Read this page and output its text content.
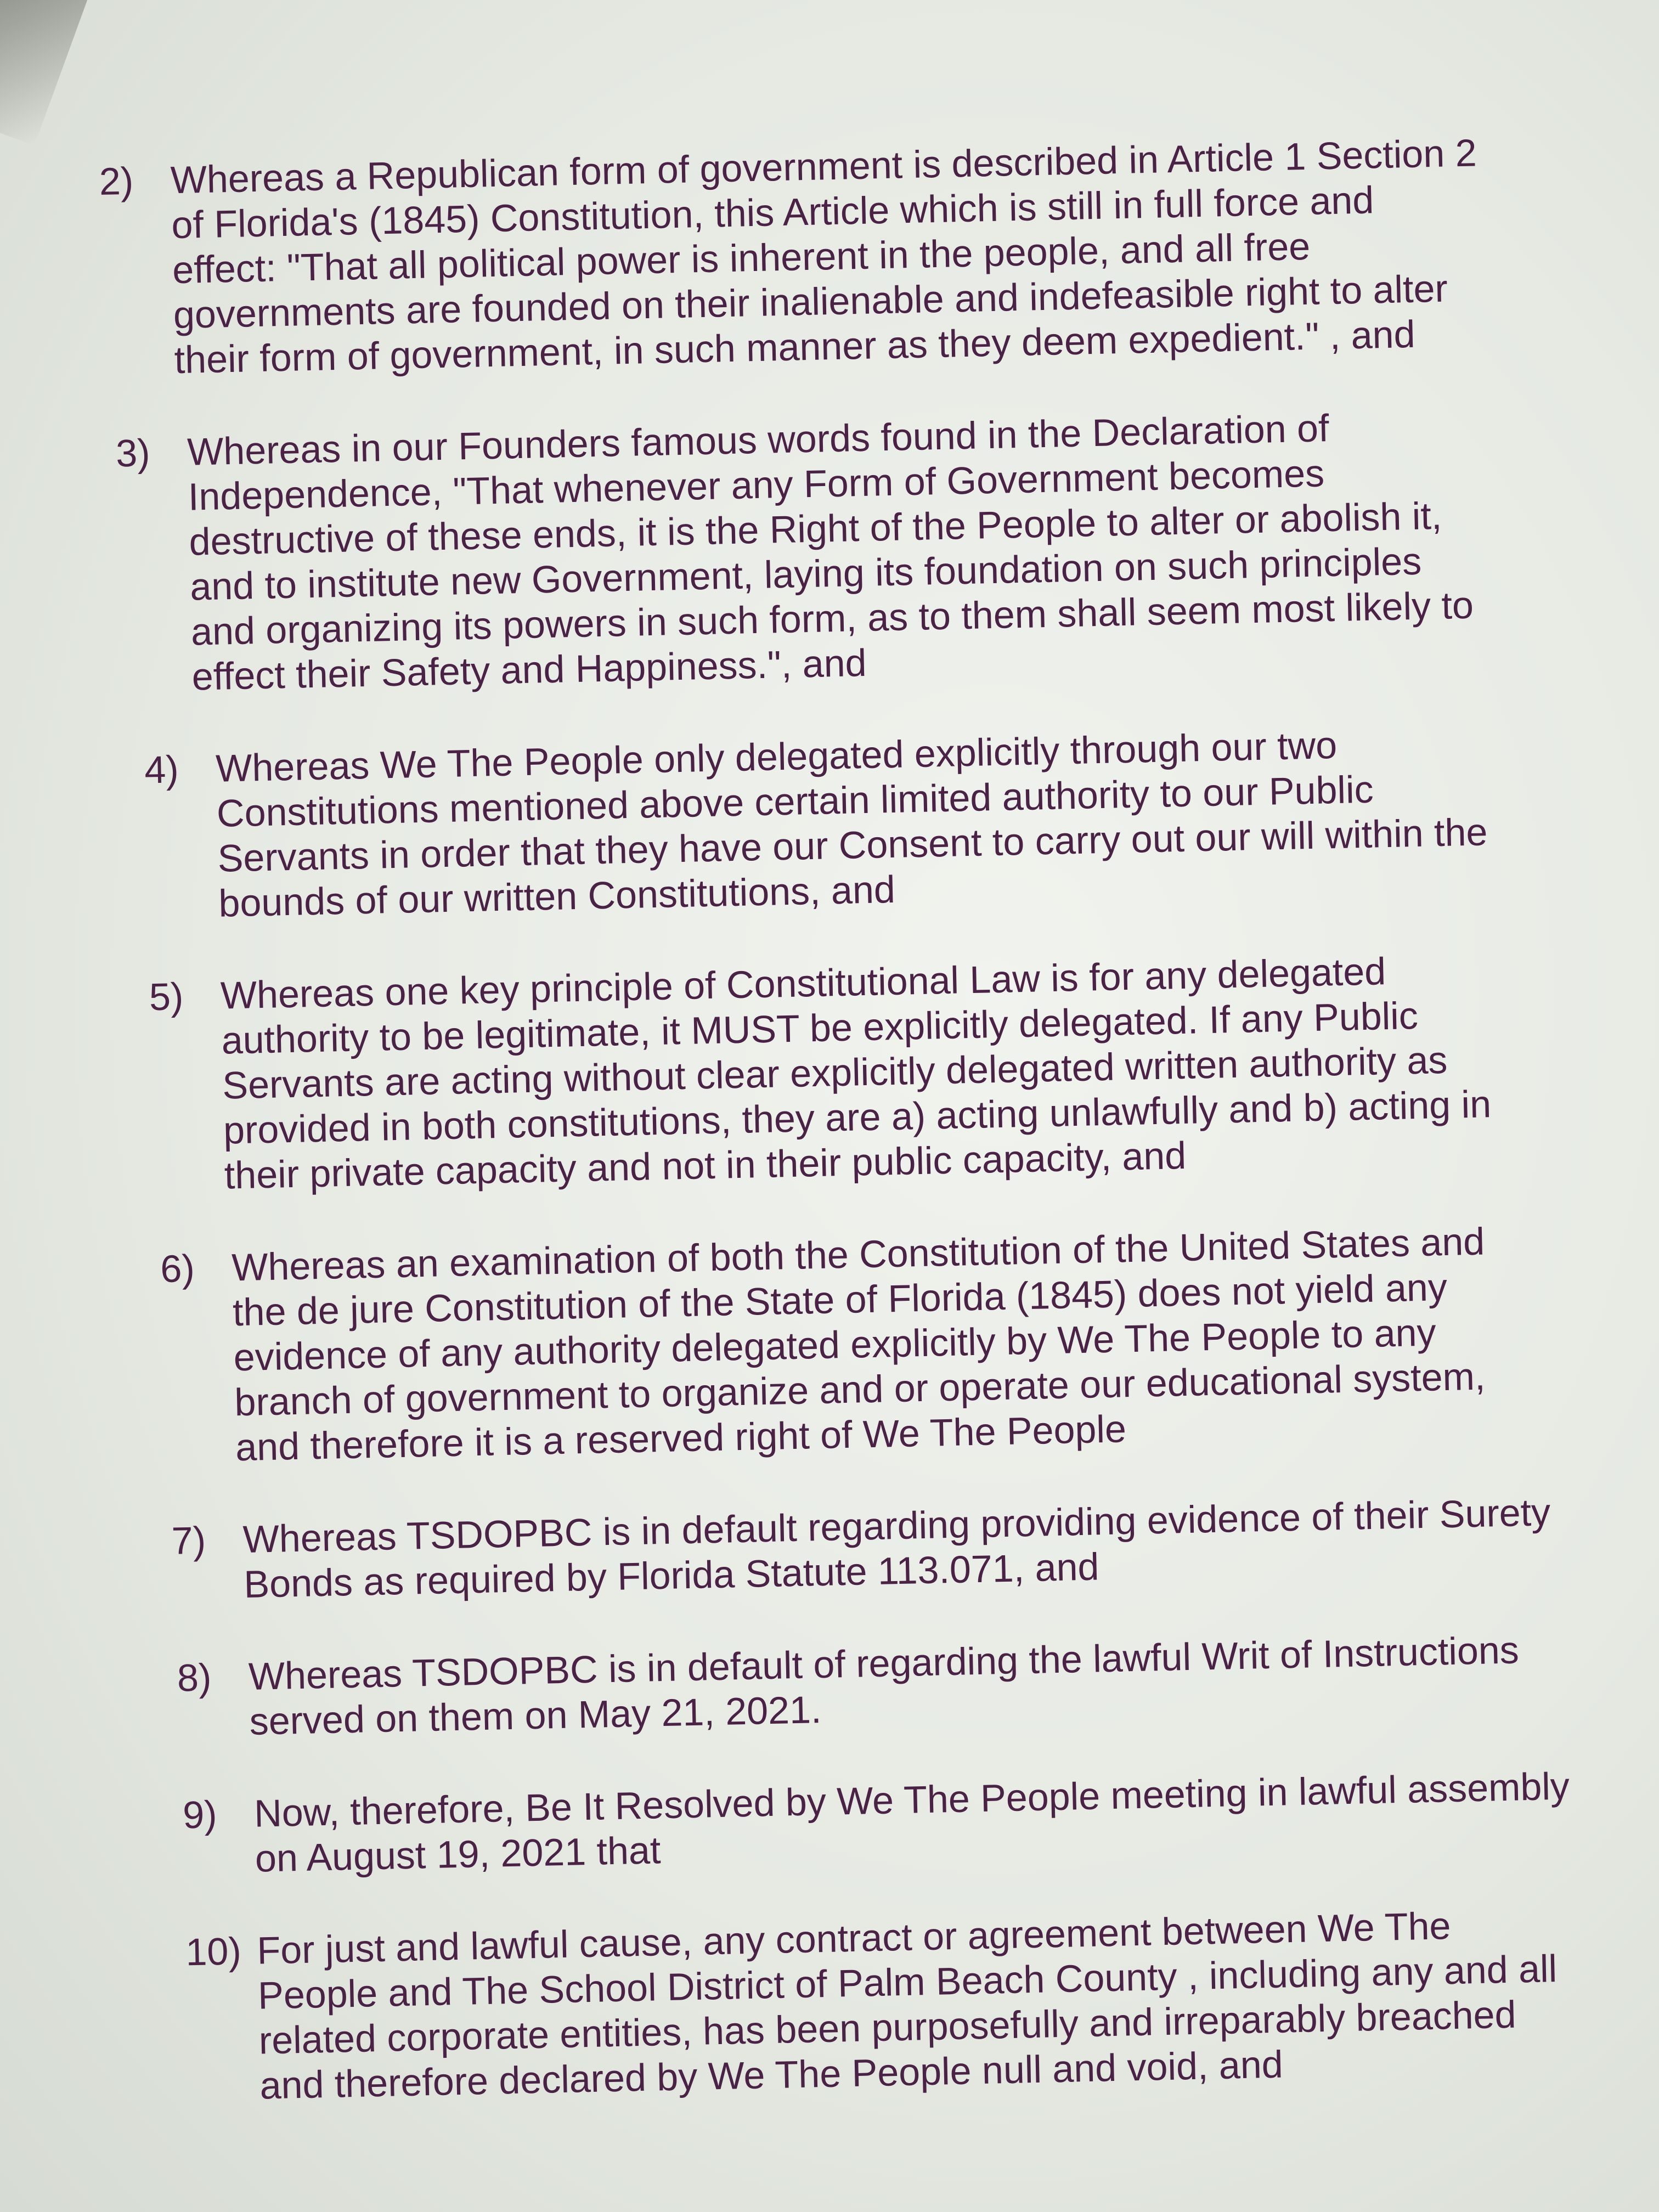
2) Whereas a Republican form of government is described in Article 1 Section 2
of Florida's (1845) Constitution, this Article which is still in full force and
effect: "That all political power is inherent in the people, and all free
governments are founded on their inalienable and indefeasible right to alter
their form of government, in such manner as they deem expedient." , and
3) Whereas in our Founders famous words found in the Declaration of
Independence, "That whenever any Form of Government becomes
destructive of these ends, it is the Right of the People to alter or abolish it,
and to institute new Government, laying its foundation on such principles
and organizing its powers in such form, as to them shall seem most likely to
effect their Safety and Happiness.", and
4) Whereas We The People only delegated explicitly through our two
Constitutions mentioned above certain limited authority to our Public
Servants in order that they have our Consent to carry out our will within the
bounds of our written Constitutions, and
5) Whereas one key principle of Constitutional Law is for any delegated
authority to be legitimate, it MUST be explicitly delegated. If any Public
Servants are acting without clear explicitly delegated written authority as
provided in both constitutions, they are a) acting unlawfully and b) acting in
their private capacity and not in their public capacity, and
6) Whereas an examination of both the Constitution of the United States and
the de jure Constitution of the State of Florida (1845) does not yield any
evidence of any authority delegated explicitly by We The People to any
branch of government to organize and or operate our educational system,
and therefore it is a reserved right of We The People
7) Whereas TSDOPBC is in default regarding providing evidence of their Surety
Bonds as required by Florida Statute 113.071, and
8) Whereas TSDOPBC is in default of regarding the lawful Writ of Instructions
served on them on May 21, 2021.
9) Now, therefore, Be It Resolved by We The People meeting in lawful assembly
on August 19, 2021 that
10) For just and lawful cause, any contract or agreement between We The
People and The School District of Palm Beach County , including any and all
related corporate entities, has been purposefully and irreparably breached
and therefore declared by We The People null and void, and
